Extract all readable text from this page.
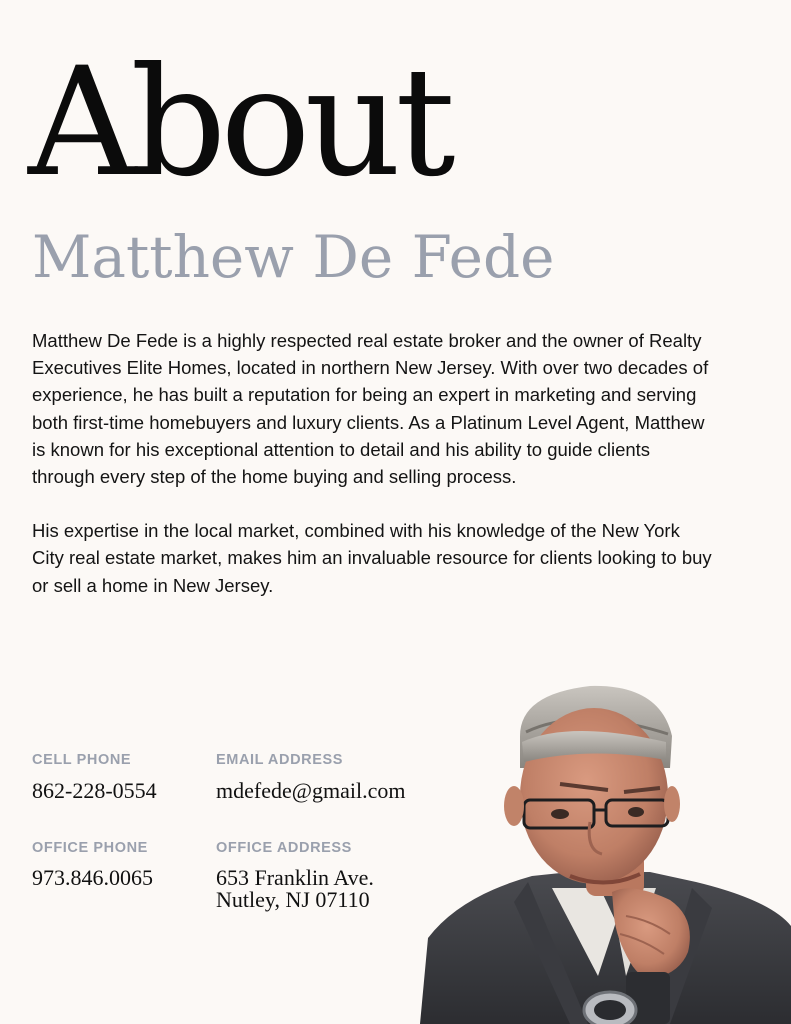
About
Matthew De Fede

Matthew De Fede is a highly respected real estate broker and the owner of Realty Executives Elite Homes, located in northern New Jersey. With over two decades of experience, he has built a reputation for being an expert in marketing and serving both first-time homebuyers and luxury clients. As a Platinum Level Agent, Matthew is known for his exceptional attention to detail and his ability to guide clients through every step of the home buying and selling process.

His expertise in the local market, combined with his knowledge of the New York City real estate market, makes him an invaluable resource for clients looking to buy or sell a home in New Jersey.

CELL PHONE
862-228-0554
EMAIL ADDRESS
mdefede@gmail.com
OFFICE PHONE
973.846.0065
OFFICE ADDRESS
653 Franklin Ave.
Nutley, NJ 07110
